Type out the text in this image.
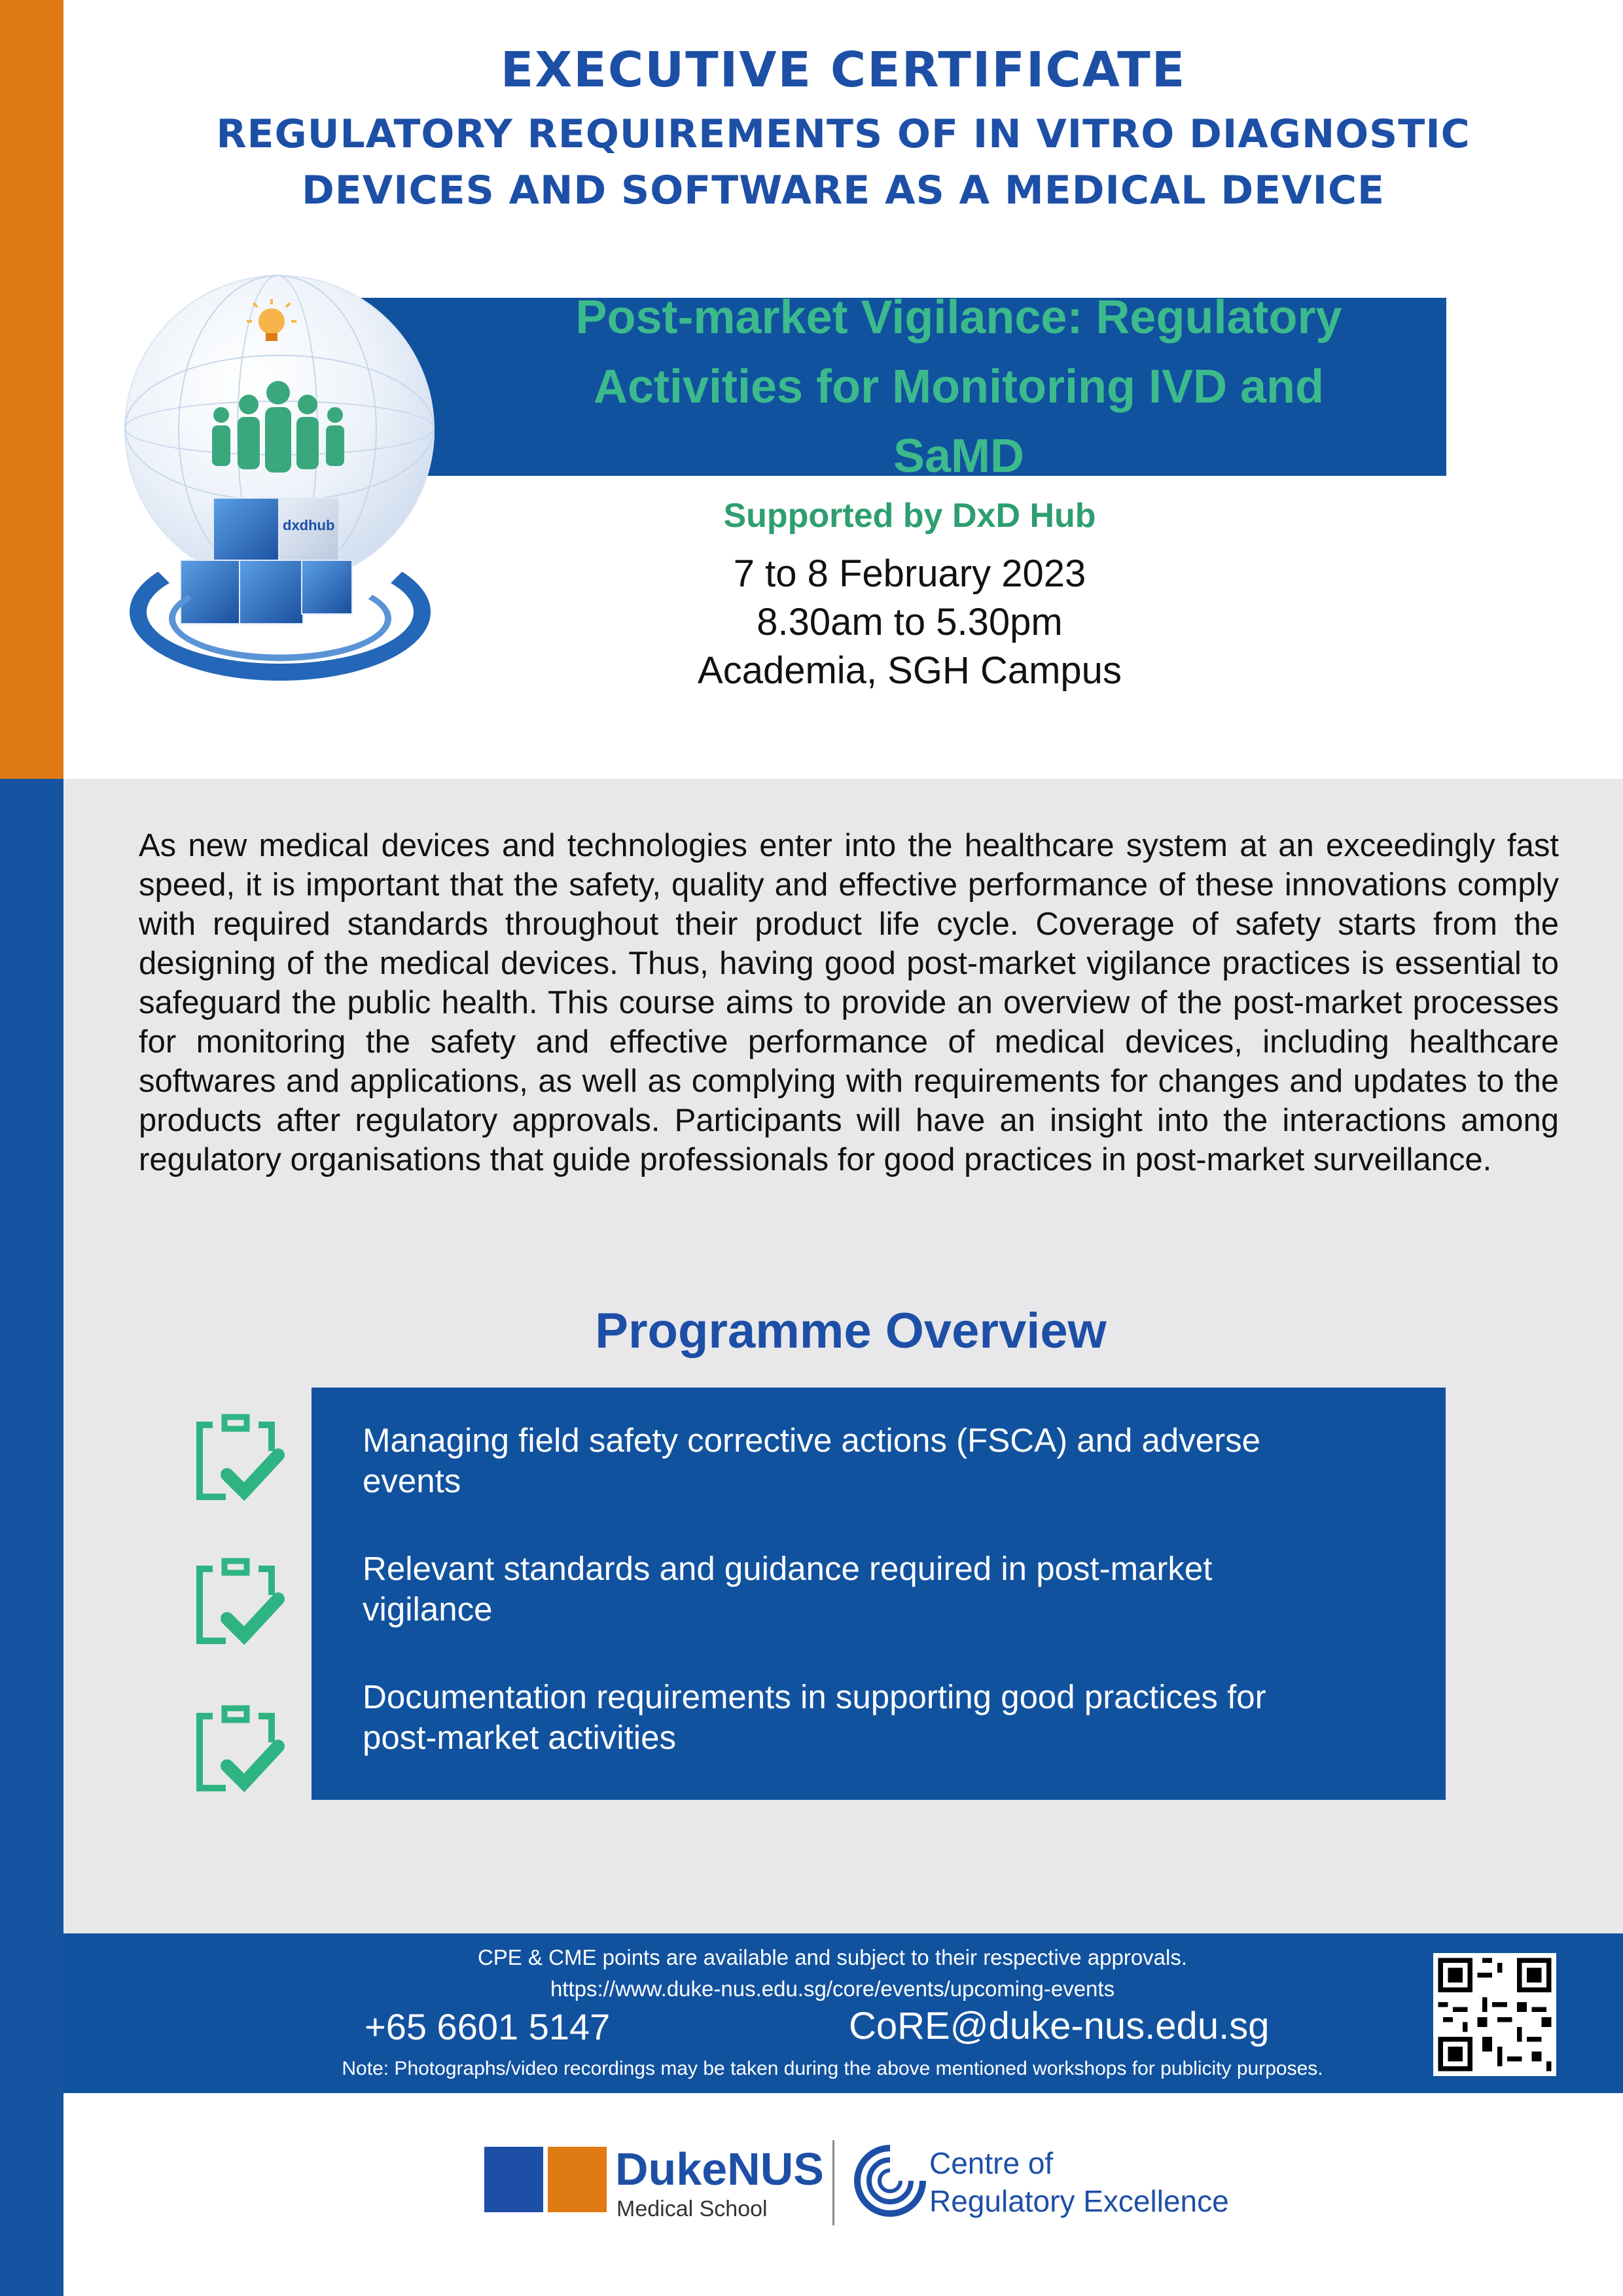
EXECUTIVE CERTIFICATE
REGULATORY REQUIREMENTS OF IN VITRO DIAGNOSTIC
DEVICES AND SOFTWARE AS A MEDICAL DEVICE
Post-market Vigilance: Regulatory
Activities for Monitoring IVD and SaMD
dxdhub	Supported by DxD Hub
7 to 8 February 2023
8.30am to 5.30pm
Academia, SGH Campus
As new medical devices and technologies enter into the healthcare system at an exceedingly fast speed, it is important that the safety, quality and effective performance of these innovations comply with required standards throughout their product life cycle. Coverage of safety starts from the designing of the medical devices. Thus, having good post-market vigilance practices is essential to safeguard the public health. This course aims to provide an overview of the post-market processes for monitoring the safety and effective performance of medical devices, including healthcare softwares and applications, as well as complying with requirements for changes and updates to the products after regulatory approvals. Participants will have an insight into the interactions among regulatory organisations that guide professionals for good practices in post-market surveillance.
Programme Overview
Managing field safety corrective actions (FSCA) and adverse
events
Relevant standards and guidance required in post-market
vigilance
Documentation requirements in supporting good practices for
post-market activities
CPE & CME points are available and subject to their respective approvals.
https://www.duke-nus.edu.sg/core/events/upcoming-events
+65 6601 5147	CoRE@duke-nus.edu.sg
Note: Photographs/video recordings may be taken during the above mentioned workshops for publicity purposes.
DukeNUS
Medical School
Centre of
Regulatory Excellence
